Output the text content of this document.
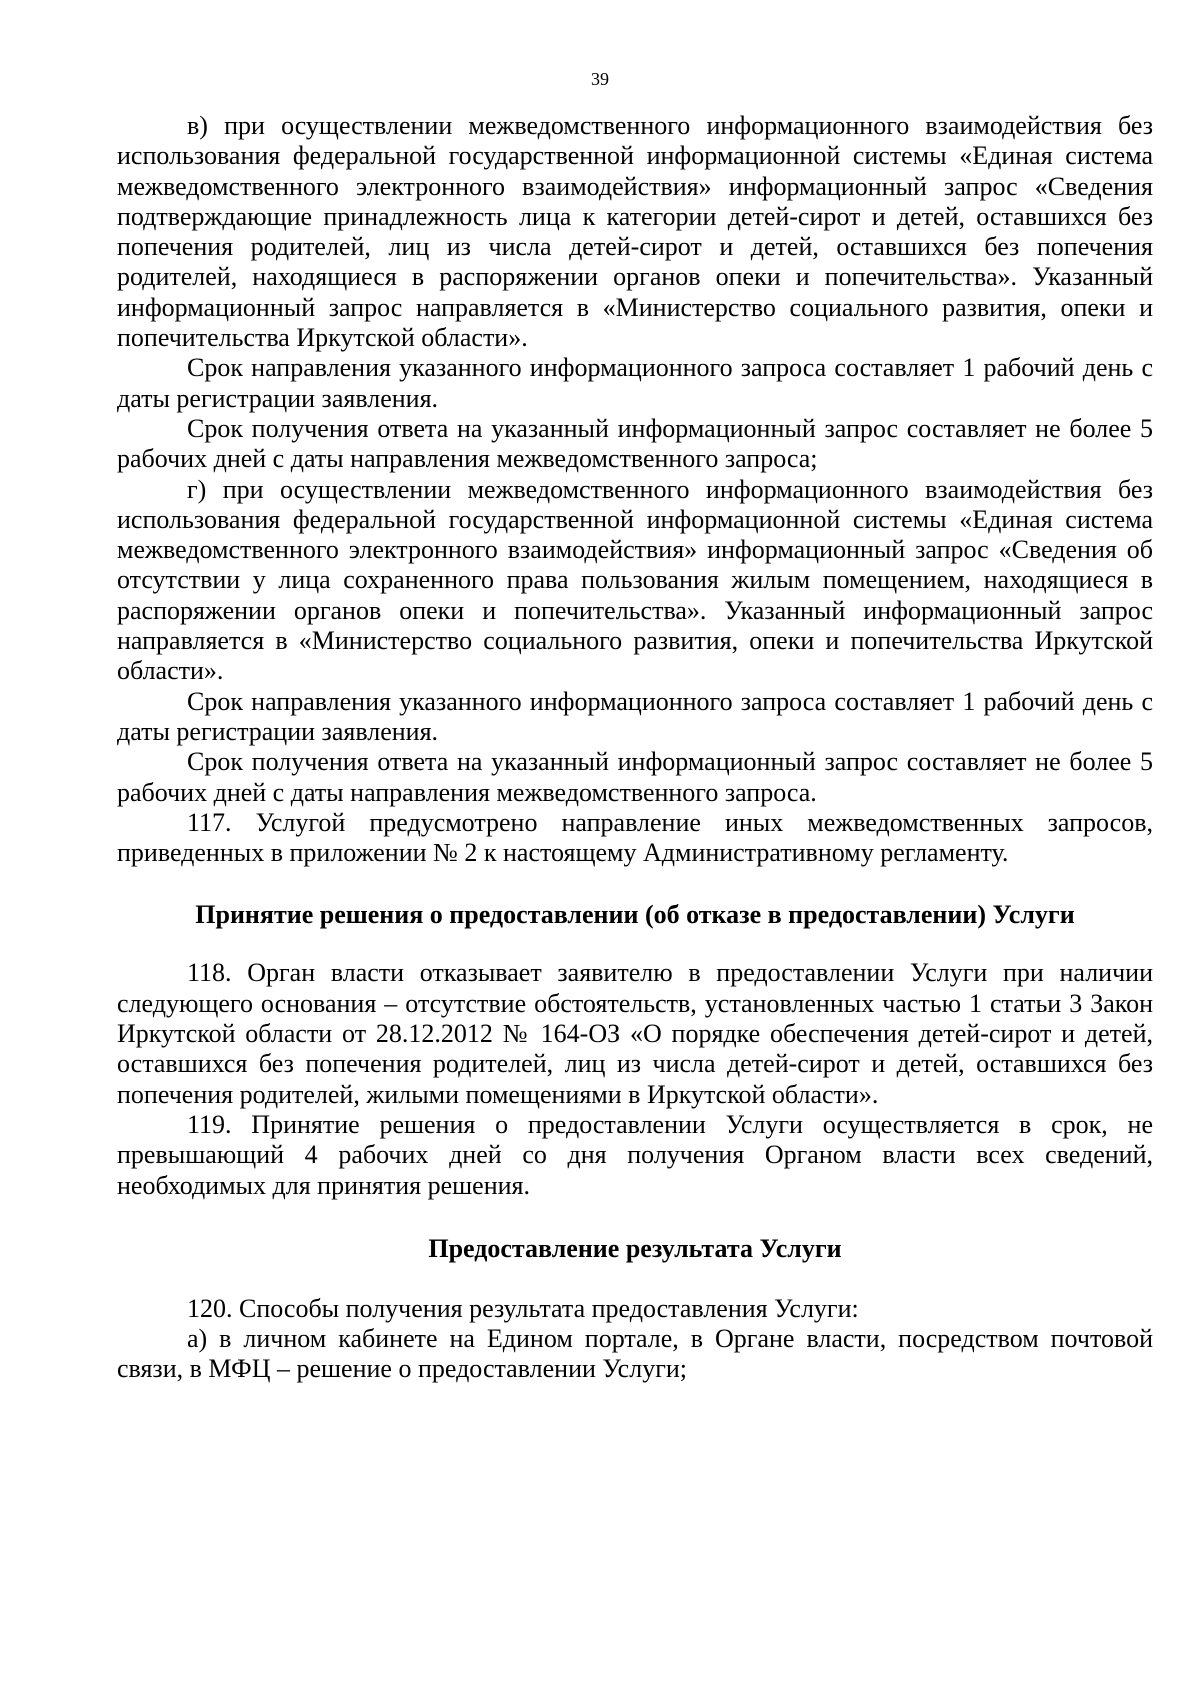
39

в) при осуществлении межведомственного информационного взаимодействия без использования федеральной государственной информационной системы «Единая система межведомственного электронного взаимодействия» информационный запрос «Сведения подтверждающие принадлежность лица к категории детей-сирот и детей, оставшихся без попечения родителей, лиц из числа детей-сирот и детей, оставшихся без попечения родителей, находящиеся в распоряжении органов опеки и попечительства». Указанный информационный запрос направляется в «Министерство социального развития, опеки и попечительства Иркутской области».

Срок направления указанного информационного запроса составляет 1 рабочий день с даты регистрации заявления.

Срок получения ответа на указанный информационный запрос составляет не более 5 рабочих дней с даты направления межведомственного запроса;

г) при осуществлении межведомственного информационного взаимодействия без использования федеральной государственной информационной системы «Единая система межведомственного электронного взаимодействия» информационный запрос «Сведения об отсутствии у лица сохраненного права пользования жилым помещением, находящиеся в распоряжении органов опеки и попечительства». Указанный информационный запрос направляется в «Министерство социального развития, опеки и попечительства Иркутской области».

Срок направления указанного информационного запроса составляет 1 рабочий день с даты регистрации заявления.

Срок получения ответа на указанный информационный запрос составляет не более 5 рабочих дней с даты направления межведомственного запроса.

117. Услугой предусмотрено направление иных межведомственных запросов, приведенных в приложении № 2 к настоящему Административному регламенту.

Принятие решения о предоставлении (об отказе в предоставлении) Услуги

118. Орган власти отказывает заявителю в предоставлении Услуги при наличии следующего основания – отсутствие обстоятельств, установленных частью 1 статьи 3 Закон Иркутской области от 28.12.2012 № 164-ОЗ «О порядке обеспечения детей-сирот и детей, оставшихся без попечения родителей, лиц из числа детей-сирот и детей, оставшихся без попечения родителей, жилыми помещениями в Иркутской области».

119. Принятие решения о предоставлении Услуги осуществляется в срок, не превышающий 4 рабочих дней со дня получения Органом власти всех сведений, необходимых для принятия решения.

Предоставление результата Услуги

120. Способы получения результата предоставления Услуги:

а) в личном кабинете на Едином портале, в Органе власти, посредством почтовой связи, в МФЦ – решение о предоставлении Услуги;
